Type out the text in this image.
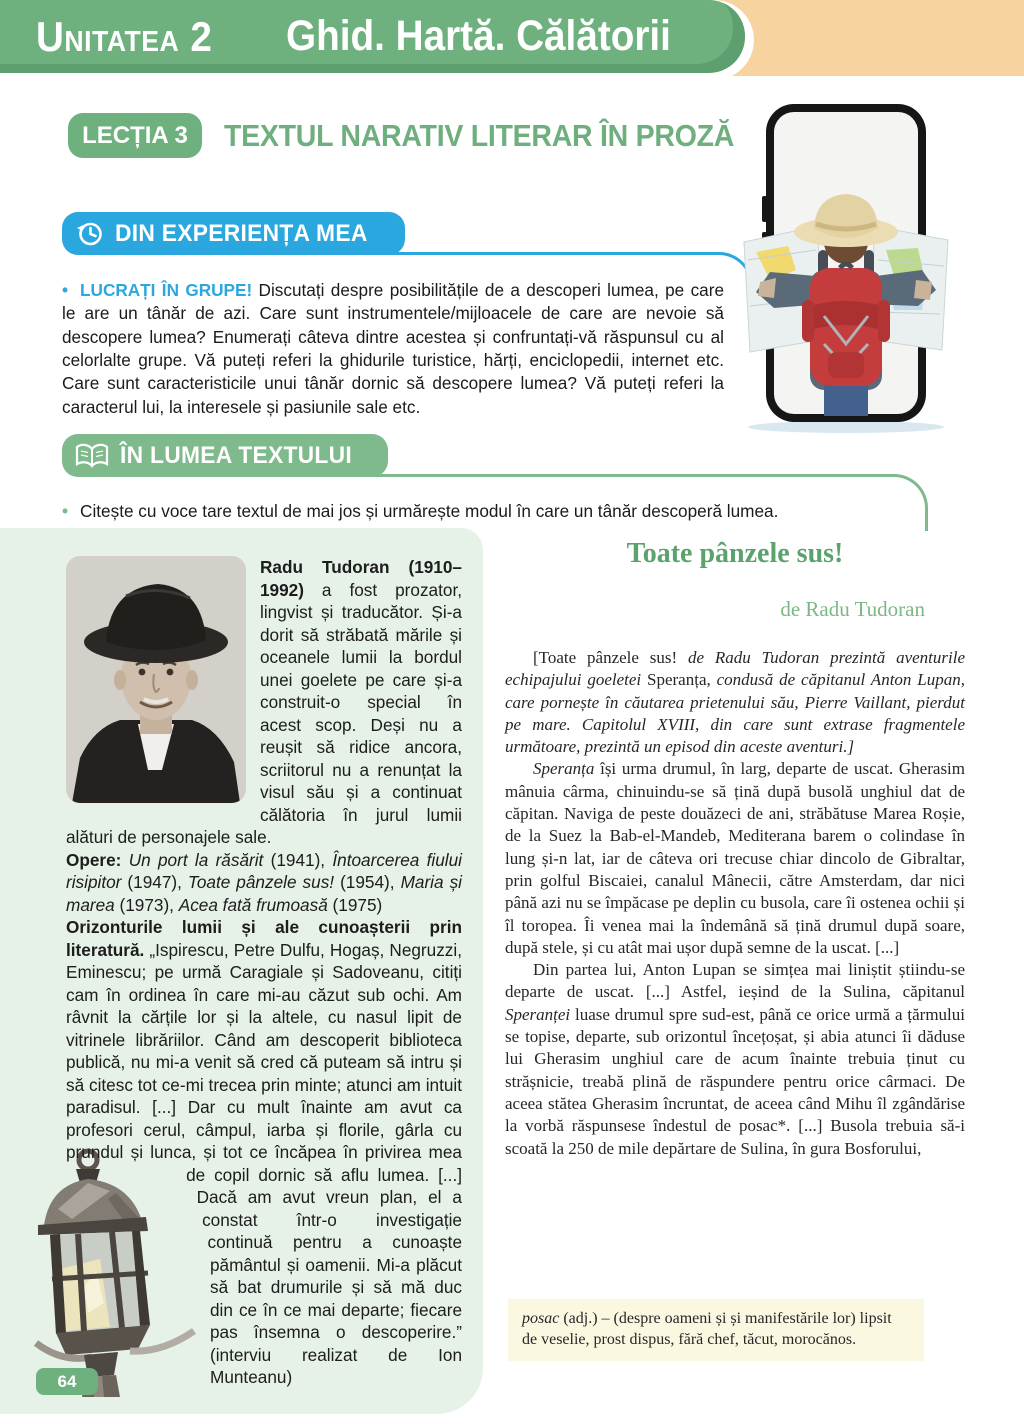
Unitatea 2 Ghid. Hartă. Călătorii
LECȚIA 3	TEXTUL NARATIV LITERAR ÎN PROZĂ
DIN EXPERIENȚA MEA

• LUCRAȚI ÎN GRUPE! Discutați despre posibilitățile de a descoperi lumea, pe care le are un tânăr de azi. Care sunt instrumentele/mijloacele de care are nevoie să descopere lumea? Enumerați câteva dintre acestea și confruntați-vă răspunsul cu al celorlalte grupe. Vă puteți referi la ghidurile turistice, hărți, enciclopedii, internet etc. Care sunt caracteristicile unui tânăr dornic să descopere lumea? Vă puteți referi la caracterul lui, la interesele și pasiunile sale etc.

ÎN LUMEA TEXTULUI

• Citește cu voce tare textul de mai jos și urmărește modul în care un tânăr descoperă lumea.

Radu Tudoran (1910–1992) a fost prozator, lingvist și traducător. Și-a dorit să străbată mările și oceanele lumii la bordul unei goelete pe care și-a construit-o special în acest scop. Deși nu a reușit să ridice ancora, scriitorul nu a renunțat la visul său și a continuat călătoria în jurul lumii alături de personajele sale.

Opere: Un port la răsărit (1941), Întoarcerea fiului risipitor (1947), Toate pânzele sus! (1954), Maria și marea (1973), Acea fată frumoasă (1975)

Orizonturile lumii și ale cunoașterii prin literatură. „Ispirescu, Petre Dulfu, Hogaș, Negruzzi, Eminescu; pe urmă Caragiale și Sadoveanu, citiți cam în ordinea în care mi-au căzut sub ochi. Am râvnit la cărțile lor și la altele, cu nasul lipit de vitrinele librăriilor. Când am descoperit biblioteca publică, nu mi-a venit să cred că puteam să intru și să citesc tot ce-mi trecea prin minte; atunci am intuit paradisul. [...] Dar cu mult înainte am avut ca profesori cerul, câmpul, iarba și florile, gârla cu prundul și
lunca, și tot ce încăpea în privirea mea de copil dornic să aflu lumea. [...] Dacă am avut vreun plan, el a constat într-o investigație continuă pentru a cunoaște pământul și oamenii. Mi-a plăcut să bat drumurile și să mă duc din ce în ce mai departe; fiecare pas însemna o descoperire.” (interviu realizat de Ion Munteanu)

Toate pânzele sus!
de Radu Tudoran

[Toate pânzele sus! de Radu Tudoran prezintă aventurile echipajului goeletei Speranța, condusă de căpitanul Anton Lupan, care pornește în căutarea prietenului său, Pierre Vaillant, pierdut pe mare. Capitolul XVIII, din care sunt extrase fragmentele următoare, prezintă un episod din aceste aventuri.]

Speranța își urma drumul, în larg, departe de uscat. Gherasim mânuia cârma, chinuindu-se să țină după busolă unghiul dat de căpitan. Naviga de peste douăzeci de ani, străbătuse Marea Roșie, de la Suez la Bab-el-Mandeb, Mediterana barem o colindase în lung și-n lat, iar de câteva ori trecuse chiar dincolo de Gibraltar, prin golful Biscaiei, canalul Mânecii, către Amsterdam, dar nici până azi nu se împăcase pe deplin cu busola, care îi ostenea ochii și îl toropea. Îi venea mai la îndemână să țină drumul după soare, după stele, și cu atât mai ușor după semne de la uscat. [...]

Din partea lui, Anton Lupan se simțea mai liniștit știindu-se departe de uscat. [...] Astfel, ieșind de la Sulina, căpitanul Speranței luase drumul spre sud-est, până ce orice urmă a țărmului se topise, departe, sub orizontul încețoșat, și abia atunci îi dăduse lui Gherasim unghiul care de acum înainte trebuia ținut cu strășnicie, treabă plină de răspundere pentru orice cârmaci. De aceea stătea Gherasim încruntat, de aceea când Mihu îl zgândărise la vorbă răspunsese îndestul de posac*. [...] Busola trebuia să-i scoată la 250 de mile depărtare de Sulina, în gura Bosforului,

posac (adj.) – (despre oameni și și manifestările lor) lipsit de veselie, prost dispus, fără chef, tăcut, morocănos.
64
